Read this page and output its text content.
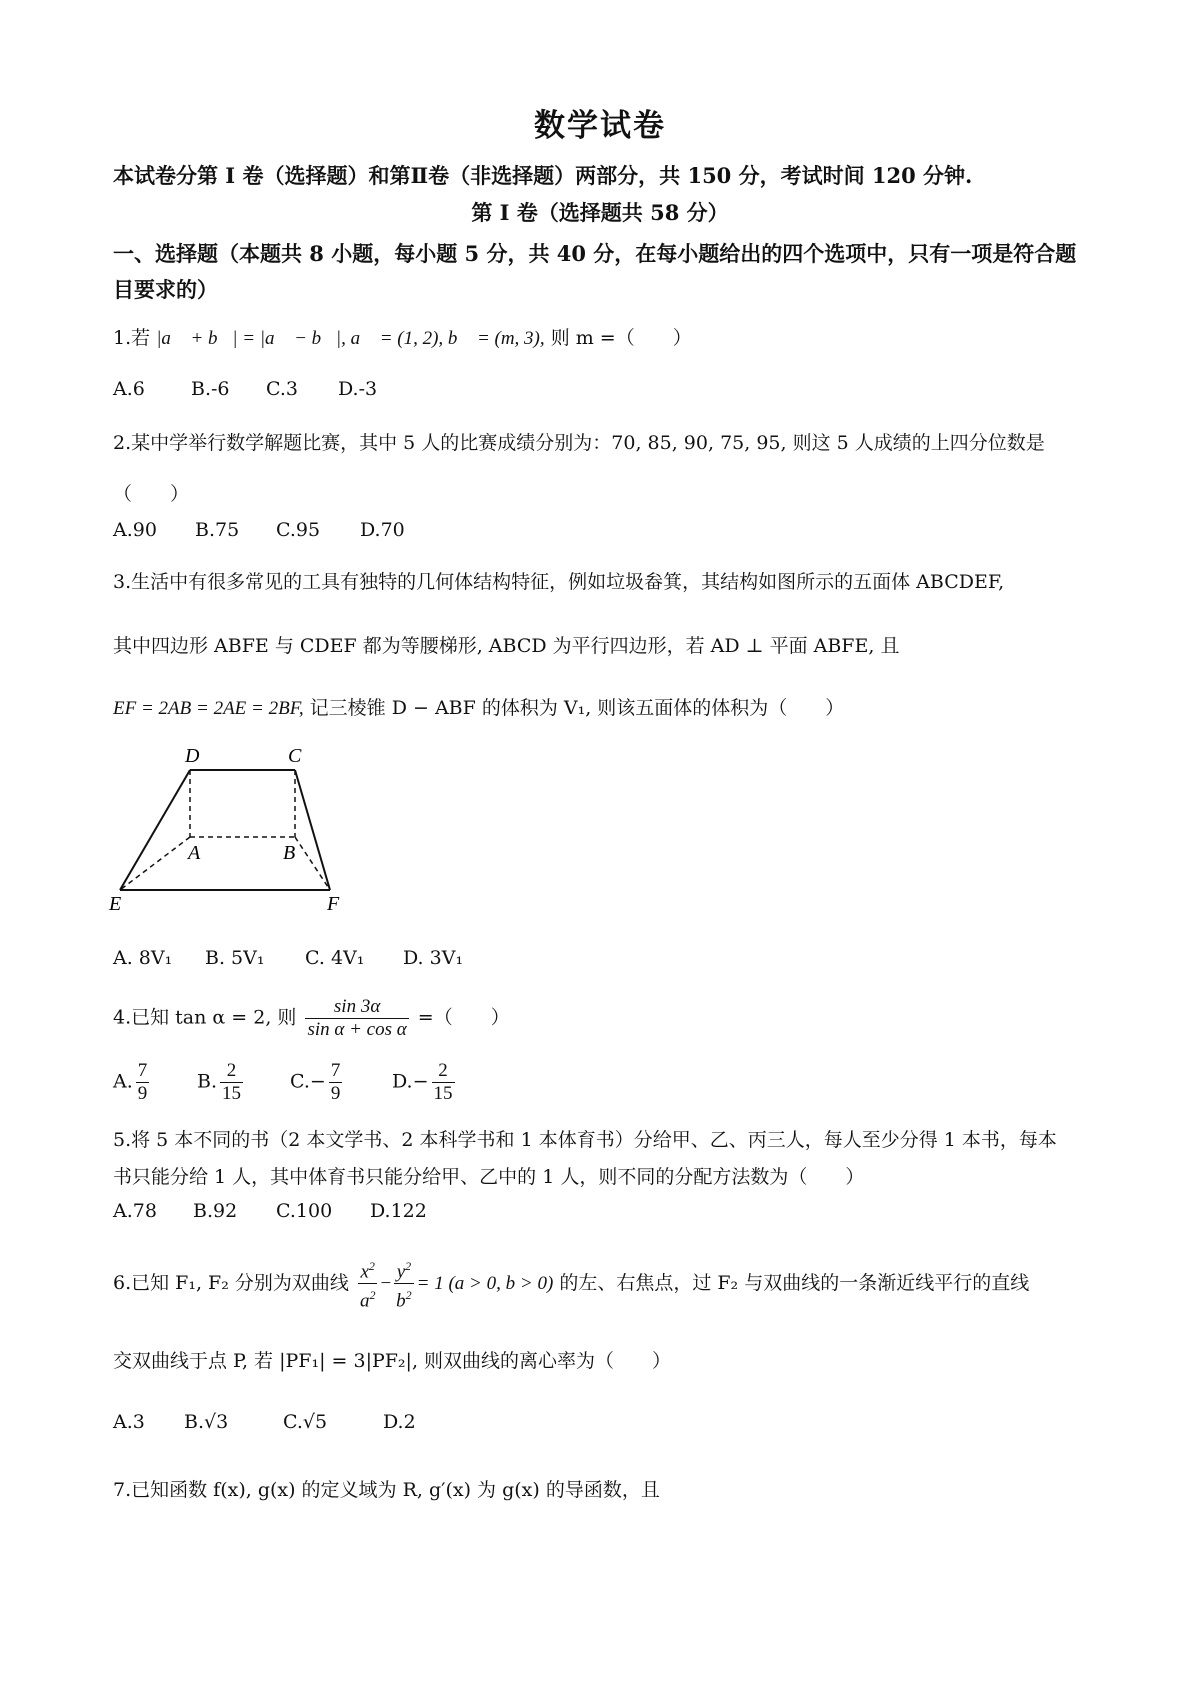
数学试卷
本试卷分第 I 卷（选择题）和第Ⅱ卷（非选择题）两部分，共 150 分，考试时间 120 分钟.
第 I 卷（选择题共 58 分）
一、选择题（本题共 8 小题，每小题 5 分，共 40 分，在每小题给出的四个选项中，只有一项是符合题目要求的）
1.若 |a⃗ + b⃗| = |a⃗ − b⃗|, a⃗ = (1, 2), b⃗ = (m, 3), 则 m =（　　）
A.6 B.-6 C.3 D.-3
2.某中学举行数学解题比赛，其中 5 人的比赛成绩分别为：70, 85, 90, 75, 95, 则这 5 人成绩的上四分位数是
（　　）
A.90 B.75 C.95 D.70
3.生活中有很多常见的工具有独特的几何体结构特征，例如垃圾畚箕，其结构如图所示的五面体 ABCDEF,
其中四边形 ABFE 与 CDEF 都为等腰梯形, ABCD 为平行四边形，若 AD ⊥ 平面 ABFE, 且
EF = 2AB = 2AE = 2BF, 记三棱锥 D − ABF 的体积为 V₁, 则该五面体的体积为（　　）
D	C
A	B
E	F
A. 8V₁ B. 5V₁ C. 4V₁ D. 3V₁
4.已知 tan α = 2, 则 $\frac{\sin 3\alpha}{\text{sin α + cos α}}$ =（　　）
A. $\frac{7}{9}$	B. $\frac{2}{15} C.- \frac{7}{9}$	$D.- \frac{2}{15}$
5.将 5 本不同的书（2 本文学书、2 本科学书和 1 本体育书）分给甲、乙、丙三人，每人至少分得 1 本书，每本
书只能分给 1 人，其中体育书只能分给甲、乙中的 1 人，则不同的分配方法数为（　　）
A.78 B.92 C.100 D.122
6.已知 F₁, F₂ 分别为双曲线 $\frac{x^2}{a^2} - \frac{y^2}{b^2} = 1$ (a > 0, b > 0) 的左、右焦点，过 F₂ 与双曲线的一条渐近线平行的直线
交双曲线于点 P, 若 |PF₁| = 3|PF₂|, 则双曲线的离心率为（　　）
A.3 B.√3	C.√5	D.2
7.已知函数 f(x), g(x) 的定义域为 R, g′(x) 为 g(x) 的导函数，且
